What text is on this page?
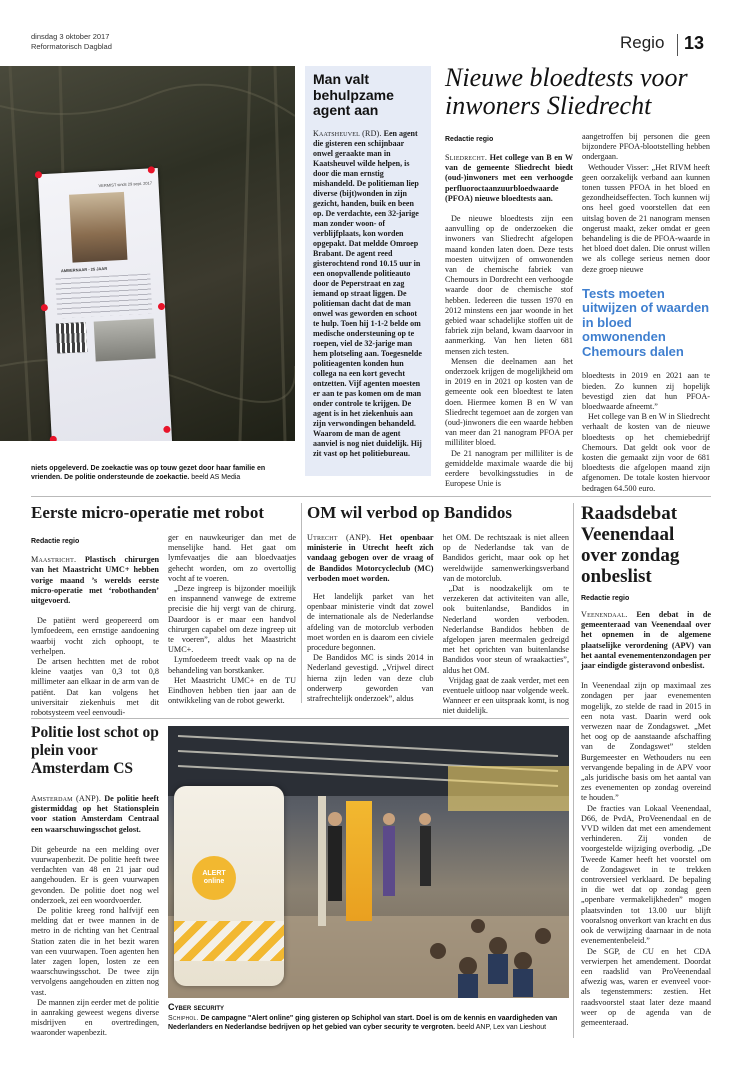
dinsdag 3 oktober 2017
Reformatorisch Dagblad	Regio 13
VERMIST sinds 29 sept. 2017
AMBERNAAR - 25 JAAR
niets opgeleverd. De zoekactie was op touw gezet door haar familie en vrienden. De politie ondersteunde de zoekactie. beeld AS Media
Man valt behulpzame agent aan
Kaatsheuvel (RD). Een agent die gisteren een schijnbaar onwel geraakte man in Kaatsheuvel wilde helpen, is door die man ernstig mishandeld. De politieman liep diverse (bijt)wonden in zijn gezicht, handen, buik en been op. De verdachte, een 32-jarige man zonder woon- of verblijfplaats, kon worden opgepakt. Dat meldde Omroep Brabant. De agent reed gisterochtend rond 10.15 uur in een onopvallende politieauto door de Peperstraat en zag iemand op straat liggen. De politieman dacht dat de man onwel was geworden en schoot te hulp. Toen hij 1-1-2 belde om medische ondersteuning op te roepen, viel de 32-jarige man hem plotseling aan. Toegesnelde politieagenten konden hun collega na een kort gevecht ontzetten. Vijf agenten moesten er aan te pas komen om de man onder controle te krijgen. De agent is in het ziekenhuis aan zijn verwondingen behandeld. Waarom de man de agent aanviel is nog niet duidelijk. Hij zit vast op het politiebureau.
Nieuwe bloedtests voor inwoners Sliedrecht
Redactie regio

Sliedrecht. Het college van B en W van de gemeente Sliedrecht biedt (oud-)inwoners met een verhoogde perfluoroctaanzuurbloedwaarde (PFOA) nieuwe bloedtests aan.

De nieuwe bloedtests zijn een aanvulling op de onderzoeken die inwoners van Sliedrecht afgelopen maand konden laten doen. Deze tests moesten uitwijzen of omwonenden van de chemische fabriek van Chemours in Dordrecht een verhoogde waarde door de chemische stof hebben. Iedereen die tussen 1970 en 2012 minstens een jaar woonde in het gebied waar schadelijke stoffen uit de fabriek zijn beland, kwam daarvoor in aanmerking. Van hen lieten 681 mensen zich testen.

Mensen die deelnamen aan het onderzoek krijgen de mogelijkheid om in 2019 en in 2021 op kosten van de gemeente ook een bloedtest te laten doen. Hiermee komen B en W van Sliedrecht tegemoet aan de zorgen van (oud-)inwoners die een waarde hebben van meer dan 21 nanogram PFOA per milliliter bloed.

De 21 nanogram per milliliter is de gemiddelde maximale waarde die bij eerdere bevolkingsstudies in de Europese Unie is

aangetroffen bij personen die geen bijzondere PFOA-blootstelling hebben ondergaan.

Wethouder Visser: „Het RIVM heeft geen oorzakelijk verband aan kunnen tonen tussen PFOA in het bloed en gezondheidseffecten. Toch kunnen wij ons heel goed voorstellen dat een uitslag boven de 21 nanogram mensen ongerust maakt, zeker omdat er geen behandeling is die de PFOA-waarde in het bloed doet dalen. Die onrust willen we als college serieus nemen door deze groep nieuwe

Tests moeten uitwijzen of waarden in bloed omwonenden Chemours dalen

bloedtests in 2019 en 2021 aan te bieden. Zo kunnen zij hopelijk bevestigd zien dat hun PFOA-bloedwaarde afneemt.”

Het college van B en W in Sliedrecht verhaalt de kosten van de nieuwe bloedtests op het chemiebedrijf Chemours. Dat geldt ook voor de kosten die gemaakt zijn voor de 681 bloedtests die afgelopen maand zijn afgenomen. De totale kosten hiervoor bedragen 64.500 euro.

Eerste micro-operatie met robot
Redactie regio

Maastricht. Plastisch chirurgen van het Maastricht UMC+ hebben vorige maand ’s werelds eerste micro-operatie met ‘robothanden’ uitgevoerd.

De patiënt werd geopereerd om lymfoedeem, een ernstige aandoening waarbij vocht zich ophoopt, te verhelpen.

De artsen hechtten met de robot kleine vaatjes van 0,3 tot 0,8 millimeter aan elkaar in de arm van de patiënt. Dat kan volgens het universitair ziekenhuis met dit robotsysteem veel eenvoudi-

ger en nauwkeuriger dan met de menselijke hand. Het gaat om lymfevaatjes die aan bloedvaatjes gehecht worden, om zo overtollig vocht af te voeren.

„Deze ingreep is bijzonder moeilijk en inspannend vanwege de extreme precisie die hij vergt van de chirurg. Daardoor is er maar een handvol chirurgen capabel om deze ingreep uit te voeren”, aldus het Maastricht UMC+.

Lymfoedeem treedt vaak op na de behandeling van borstkanker.

Het Maastricht UMC+ en de TU Eindhoven hebben tien jaar aan de ontwikkeling van de robot gewerkt.

OM wil verbod op Bandidos

Utrecht (ANP). Het openbaar ministerie in Utrecht heeft zich vandaag gebogen over de vraag of de Bandidos Motorcycleclub (MC) verboden moet worden.

Het landelijk parket van het openbaar ministerie vindt dat zowel de internationale als de Nederlandse afdeling van de motorclub verboden moet worden en is daarom een civiele procedure begonnen.

De Bandidos MC is sinds 2014 in Nederland gevestigd. „Vrijwel direct hierna zijn leden van deze club onderwerp geworden van strafrechtelijk onderzoek”, aldus

het OM. De rechtszaak is niet alleen op de Nederlandse tak van de Bandidos gericht, maar ook op het wereldwijde samenwerkingsverband van de motorclub.

„Dat is noodzakelijk om te verzekeren dat activiteiten van alle, ook buitenlandse, Bandidos in Nederland worden verboden. Nederlandse Bandidos hebben de afgelopen jaren meermalen gedreigd met het oprichten van buitenlandse Bandidos voor steun of wraakacties”, aldus het OM.

Vrijdag gaat de zaak verder, met een eventuele uitloop naar volgende week. Wanneer er een uitspraak komt, is nog niet duidelijk.

Raadsdebat Veenendaal over zondag onbeslist
Redactie regio

Veenendaal. Een debat in de gemeenteraad van Veenendaal over het opnemen in de algemene plaatselijke verordening (APV) van het aantal evenementenzondagen per jaar eindigde gisteravond onbeslist.

In Veenendaal zijn op maximaal zes zondagen per jaar evenementen mogelijk, zo stelde de raad in 2015 in een nota vast. Daarin werd ook verwezen naar de Zondagswet. „Met het oog op de aanstaande afschaffing van de Zondagswet” stelden Burgemeester en Wethouders nu een vervangende bepaling in de APV voor „als juridische basis om het aantal van zes evenementen op zondag overeind te houden.”

De fracties van Lokaal Veenendaal, D66, de PvdA, ProVeenendaal en de VVD wilden dat met een amendement verhinderen. Zij vonden de voorgestelde wijziging overbodig. „De Tweede Kamer heeft het voorstel om de Zondagswet in te trekken controversieel verklaard. De bepaling in die wet dat op zondag geen „openbare vermakelijkheden” mogen plaatsvinden tot 13.00 uur blijft vooralsnog onverkort van kracht en dus ook de verwijzing daarnaar in de nota evenementenbeleid.”

De SGP, de CU en het CDA verwierpen het amendement. Doordat een raadslid van ProVeenendaal afwezig was, waren er evenveel voor- als tegenstemmers: zestien. Het raadsvoorstel staat later deze maand weer op de agenda van de gemeenteraad.

Politie lost schot op plein voor Amsterdam CS

Amsterdam (ANP). De politie heeft gistermiddag op het Stationsplein voor station Amsterdam Centraal een waarschuwingsschot gelost.

Dit gebeurde na een melding over vuurwapenbezit. De politie heeft twee verdachten van 48 en 21 jaar oud aangehouden. Er is geen vuurwapen gevonden. De politie doet nog wel onderzoek, zei een woordvoerder.

De politie kreeg rond halfvijf een melding dat er twee mannen in de metro in de richting van het Centraal Station zaten die in het bezit waren van een vuurwapen. Toen agenten hen later zagen lopen, losten ze een waarschuwingsschot. De twee zijn vervolgens aangehouden en zitten nog vast.

De mannen zijn eerder met de politie in aanraking geweest wegens diverse misdrijven en overtredingen, waaronder wapenbezit.

ALERT online
Cyber security
Schiphol. De campagne "Alert online" ging gisteren op Schiphol van start. Doel is om de kennis en vaardigheden van Nederlanders en Nederlandse bedrijven op het gebied van cyber security te vergroten. beeld ANP, Lex van Lieshout
